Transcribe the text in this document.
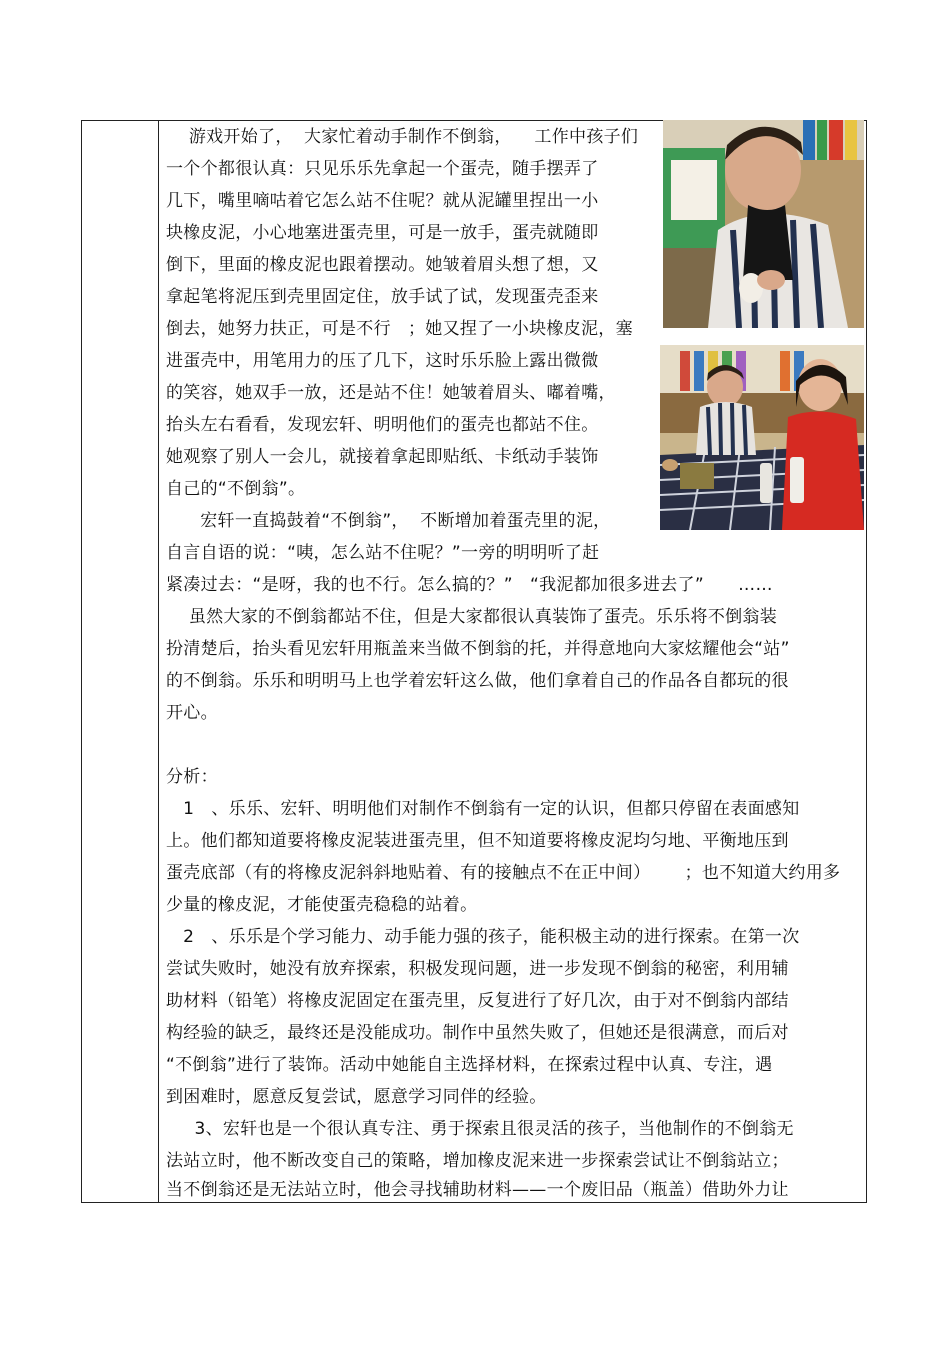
游戏开始了，  大家忙着动手制作不倒翁，    工作中孩子们
一个个都很认真：只见乐乐先拿起一个蛋壳，随手摆弄了
几下，嘴里嘀咕着它怎么站不住呢？就从泥罐里捏出一小
块橡皮泥，小心地塞进蛋壳里，可是一放手，蛋壳就随即
倒下，里面的橡皮泥也跟着摆动。她皱着眉头想了想，又
拿起笔将泥压到壳里固定住，放手试了试，发现蛋壳歪来
倒去，她努力扶正，可是不行   ；她又捏了一小块橡皮泥，塞
进蛋壳中，用笔用力的压了几下，这时乐乐脸上露出微微
的笑容，她双手一放，还是站不住！她皱着眉头、嘟着嘴，
抬头左右看看，发现宏轩、明明他们的蛋壳也都站不住。
她观察了别人一会儿，就接着拿起即贴纸、卡纸动手装饰
自己的“不倒翁”。
宏轩一直捣鼓着“不倒翁”，  不断增加着蛋壳里的泥，
自言自语的说：“咦，怎么站不住呢？”一旁的明明听了赶
紧凑过去：“是呀，我的也不行。怎么搞的？”   “我泥都加很多进去了”      ……
虽然大家的不倒翁都站不住，但是大家都很认真装饰了蛋壳。乐乐将不倒翁装
扮清楚后，抬头看见宏轩用瓶盖来当做不倒翁的托，并得意地向大家炫耀他会“站”
的不倒翁。乐乐和明明马上也学着宏轩这么做，他们拿着自己的作品各自都玩的很
开心。
分析：
1   、乐乐、宏轩、明明他们对制作不倒翁有一定的认识，但都只停留在表面感知
上。他们都知道要将橡皮泥装进蛋壳里，但不知道要将橡皮泥均匀地、平衡地压到
蛋壳底部（有的将橡皮泥斜斜地贴着、有的接触点不在正中间）      ；也不知道大约用多
少量的橡皮泥，才能使蛋壳稳稳的站着。
2   、乐乐是个学习能力、动手能力强的孩子，能积极主动的进行探索。在第一次
尝试失败时，她没有放弃探索，积极发现问题，进一步发现不倒翁的秘密，利用辅
助材料（铅笔）将橡皮泥固定在蛋壳里，反复进行了好几次，由于对不倒翁内部结
构经验的缺乏，最终还是没能成功。制作中虽然失败了，但她还是很满意，而后对
“不倒翁”进行了装饰。活动中她能自主选择材料，在探索过程中认真、专注，遇
到困难时，愿意反复尝试，愿意学习同伴的经验。
3、宏轩也是一个很认真专注、勇于探索且很灵活的孩子，当他制作的不倒翁无
法站立时，他不断改变自己的策略，增加橡皮泥来进一步探索尝试让不倒翁站立；
当不倒翁还是无法站立时，他会寻找辅助材料——一个废旧品（瓶盖）借助外力让
